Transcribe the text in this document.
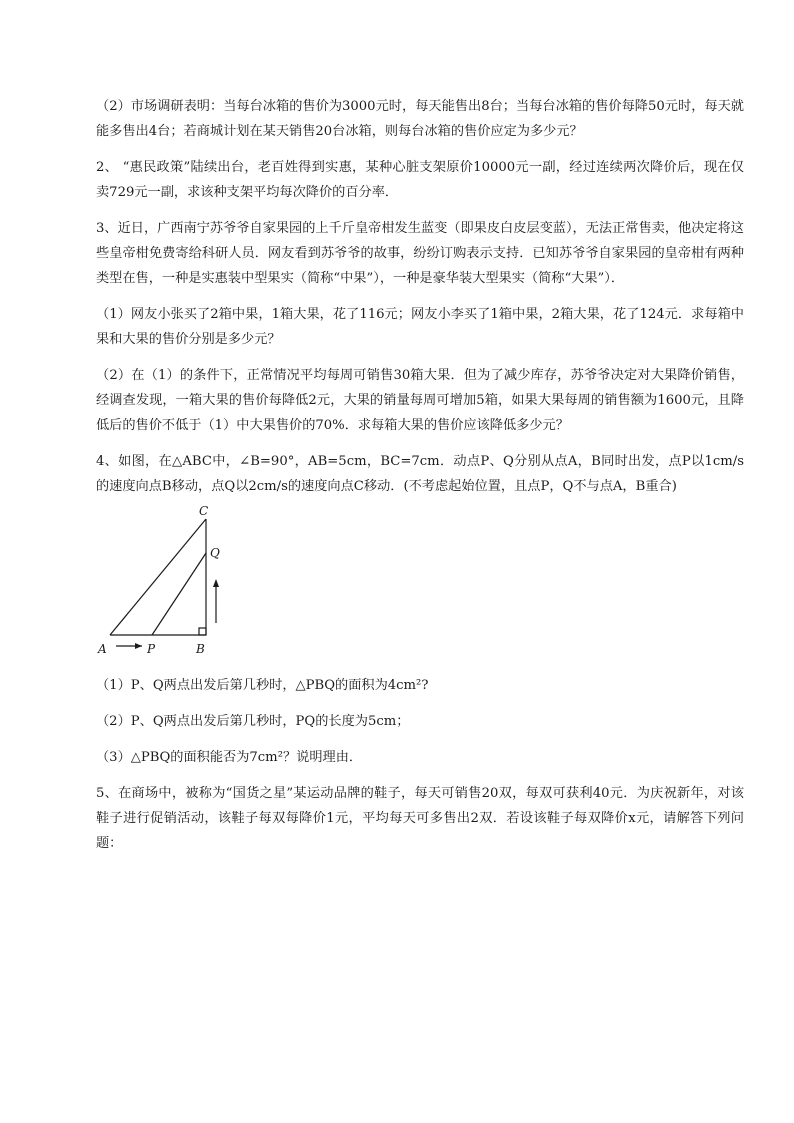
（2）市场调研表明：当每台冰箱的售价为3000元时，每天能售出8台；当每台冰箱的售价每降50元时，每天就能多售出4台；若商城计划在某天销售20台冰箱，则每台冰箱的售价应定为多少元？

2、 “惠民政策”陆续出台，老百姓得到实惠，某种心脏支架原价10000元一副，经过连续两次降价后，现在仅卖729元一副，求该种支架平均每次降价的百分率．

3、近日，广西南宁苏爷爷自家果园的上千斤皇帝柑发生蓝变（即果皮白皮层变蓝），无法正常售卖，他决定将这些皇帝柑免费寄给科研人员．网友看到苏爷爷的故事，纷纷订购表示支持．已知苏爷爷自家果园的皇帝柑有两种类型在售，一种是实惠装中型果实（简称“中果”），一种是豪华装大型果实（简称“大果”）．

（1）网友小张买了2箱中果，1箱大果，花了116元；网友小李买了1箱中果，2箱大果，花了124元．求每箱中果和大果的售价分别是多少元？

（2）在（1）的条件下，正常情况平均每周可销售30箱大果．但为了减少库存，苏爷爷决定对大果降价销售，经调查发现，一箱大果的售价每降低2元，大果的销量每周可增加5箱，如果大果每周的销售额为1600元，且降低后的售价不低于（1）中大果售价的70%．求每箱大果的售价应该降低多少元？

4、如图，在△ABC中，∠B=90°，AB=5cm，BC=7cm．动点P、Q分别从点A，B同时出发，点P以1cm/s的速度向点B移动，点Q以2cm/s的速度向点C移动．(不考虑起始位置，且点P，Q不与点A，B重合)

A	P	B
C
Q

（1）P、Q两点出发后第几秒时，△PBQ的面积为4cm²?

（2）P、Q两点出发后第几秒时，PQ的长度为5cm；

（3）△PBQ的面积能否为7cm²？说明理由．

5、在商场中，被称为“国货之星”某运动品牌的鞋子，每天可销售20双，每双可获利40元．为庆祝新年，对该鞋子进行促销活动，该鞋子每双每降价1元，平均每天可多售出2双．若设该鞋子每双降价x元，请解答下列问题：
